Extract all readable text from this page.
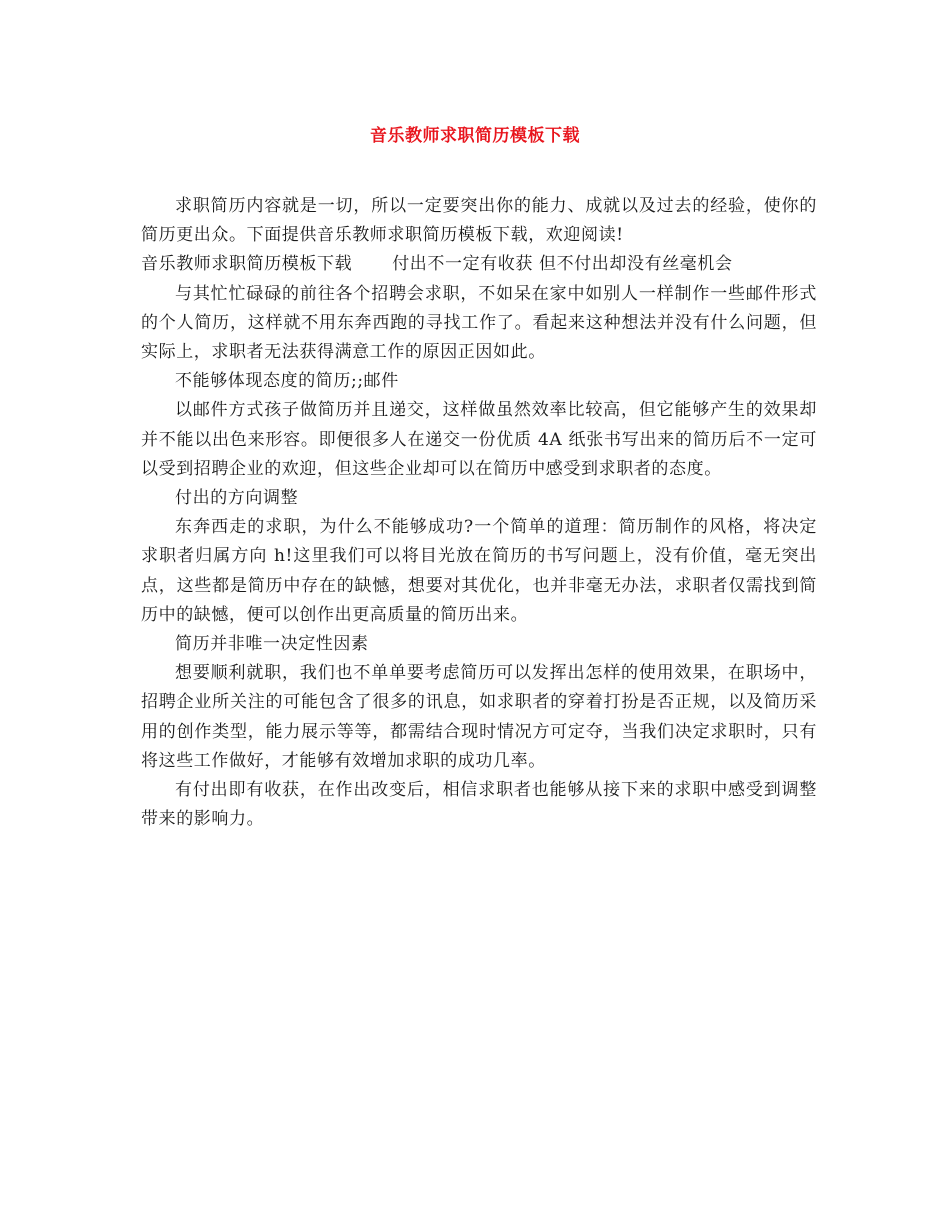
音乐教师求职简历模板下载

求职简历内容就是一切，所以一定要突出你的能力、成就以及过去的经验，使你的简历更出众。下面提供音乐教师求职简历模板下载，欢迎阅读!

音乐教师求职简历模板下载 付出不一定有收获 但不付出却没有丝毫机会

与其忙忙碌碌的前往各个招聘会求职，不如呆在家中如别人一样制作一些邮件形式的个人简历，这样就不用东奔西跑的寻找工作了。看起来这种想法并没有什么问题，但实际上，求职者无法获得满意工作的原因正因如此。

不能够体现态度的简历;;邮件

以邮件方式孩子做简历并且递交，这样做虽然效率比较高，但它能够产生的效果却并不能以出色来形容。即便很多人在递交一份优质 4A 纸张书写出来的简历后不一定可以受到招聘企业的欢迎，但这些企业却可以在简历中感受到求职者的态度。

付出的方向调整

东奔西走的求职，为什么不能够成功?一个简单的道理：简历制作的风格，将决定求职者归属方向 h!这里我们可以将目光放在简历的书写问题上，没有价值，毫无突出点，这些都是简历中存在的缺憾，想要对其优化，也并非毫无办法，求职者仅需找到简历中的缺憾，便可以创作出更高质量的简历出来。

简历并非唯一决定性因素

想要顺利就职，我们也不单单要考虑简历可以发挥出怎样的使用效果，在职场中，招聘企业所关注的可能包含了很多的讯息，如求职者的穿着打扮是否正规，以及简历采用的创作类型，能力展示等等，都需结合现时情况方可定夺，当我们决定求职时，只有将这些工作做好，才能够有效增加求职的成功几率。

有付出即有收获，在作出改变后，相信求职者也能够从接下来的求职中感受到调整带来的影响力。
